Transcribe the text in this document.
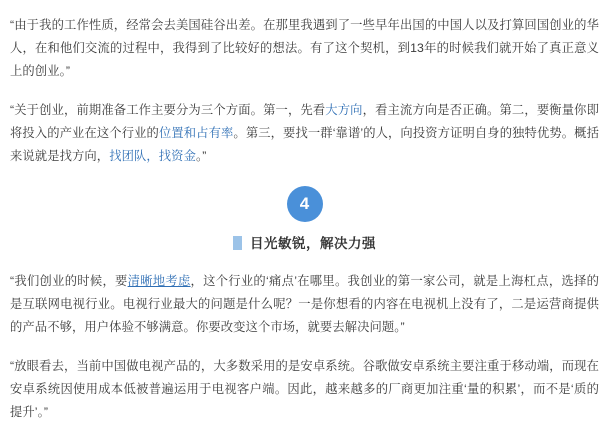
“由于我的工作性质，经常会去美国硅谷出差。在那里我遇到了一些早年出国的中国人以及打算回国创业的华人，在和他们交流的过程中，我得到了比较好的想法。有了这个契机，到13年的时候我们就开始了真正意义上的创业。”

“关于创业，前期准备工作主要分为三个方面。第一，先看大方向，看主流方向是否正确。第二，要衡量你即将投入的产业在这个行业的位置和占有率。第三，要找一群‘靠谱’的人，向投资方证明自身的独特优势。概括来说就是找方向，找团队，找资金。”

4
目光敏锐，解决力强

“我们创业的时候，要清晰地考虑，这个行业的‘痛点’在哪里。我创业的第一家公司，就是上海杠点，选择的是互联网电视行业。电视行业最大的问题是什么呢？一是你想看的内容在电视机上没有了，二是运营商提供的产品不够，用户体验不够满意。你要改变这个市场，就要去解决问题。”

“放眼看去，当前中国做电视产品的，大多数采用的是安卓系统。谷歌做安卓系统主要注重于移动端，而现在安卓系统因使用成本低被普遍运用于电视客户端。因此，越来越多的厂商更加注重‘量的积累’，而不是‘质的提升’。”
